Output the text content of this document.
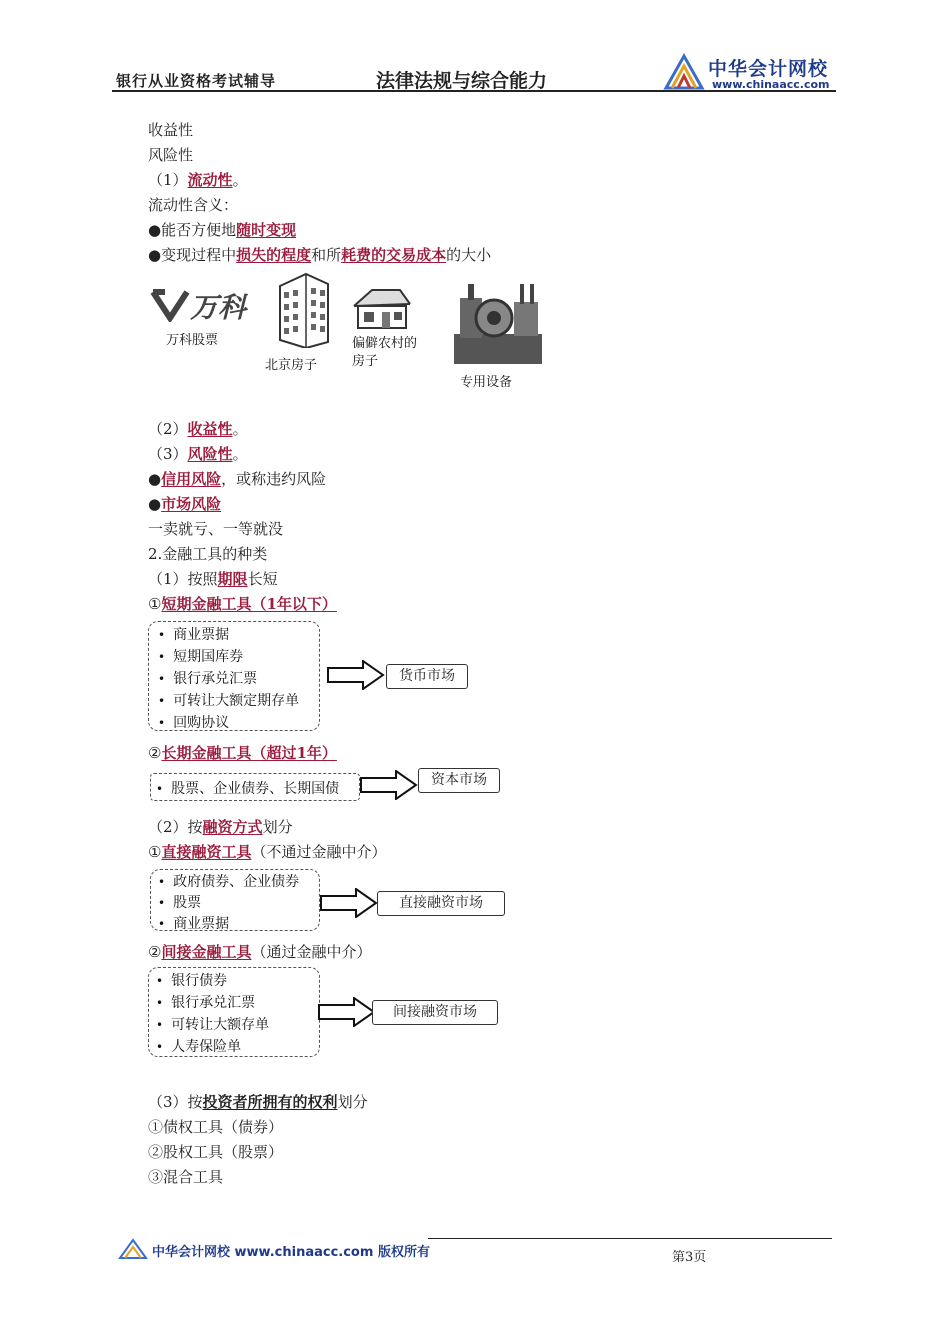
银行从业资格考试辅导	法律法规与综合能力
中华会计网校
www.chinaacc.com
收益性
风险性
（1）流动性。
流动性含义：
●能否方便地随时变现
●变现过程中损失的程度和所耗费的交易成本的大小
万科
万科股票
北京房子
偏僻农村的
房子
专用设备
（2）收益性。
（3）风险性。
●信用风险，或称违约风险
●市场风险
一卖就亏、一等就没
2.金融工具的种类
（1）按照期限长短
①短期金融工具（1年以下）
• 商业票据
• 短期国库券
• 银行承兑汇票
• 可转让大额定期存单
• 回购协议
货币市场
②长期金融工具（超过1年）
• 股票、企业债券、长期国债
资本市场
（2）按融资方式划分
①直接融资工具（不通过金融中介）
• 政府债券、企业债券
• 股票
• 商业票据
直接融资市场
②间接金融工具（通过金融中介）
• 银行债券
• 银行承兑汇票
• 可转让大额存单
• 人寿保险单
间接融资市场
（3）按投资者所拥有的权利划分
①债权工具（债券）
②股权工具（股票）
③混合工具
中华会计网校 www.chinaacc.com 版权所有	第3页
